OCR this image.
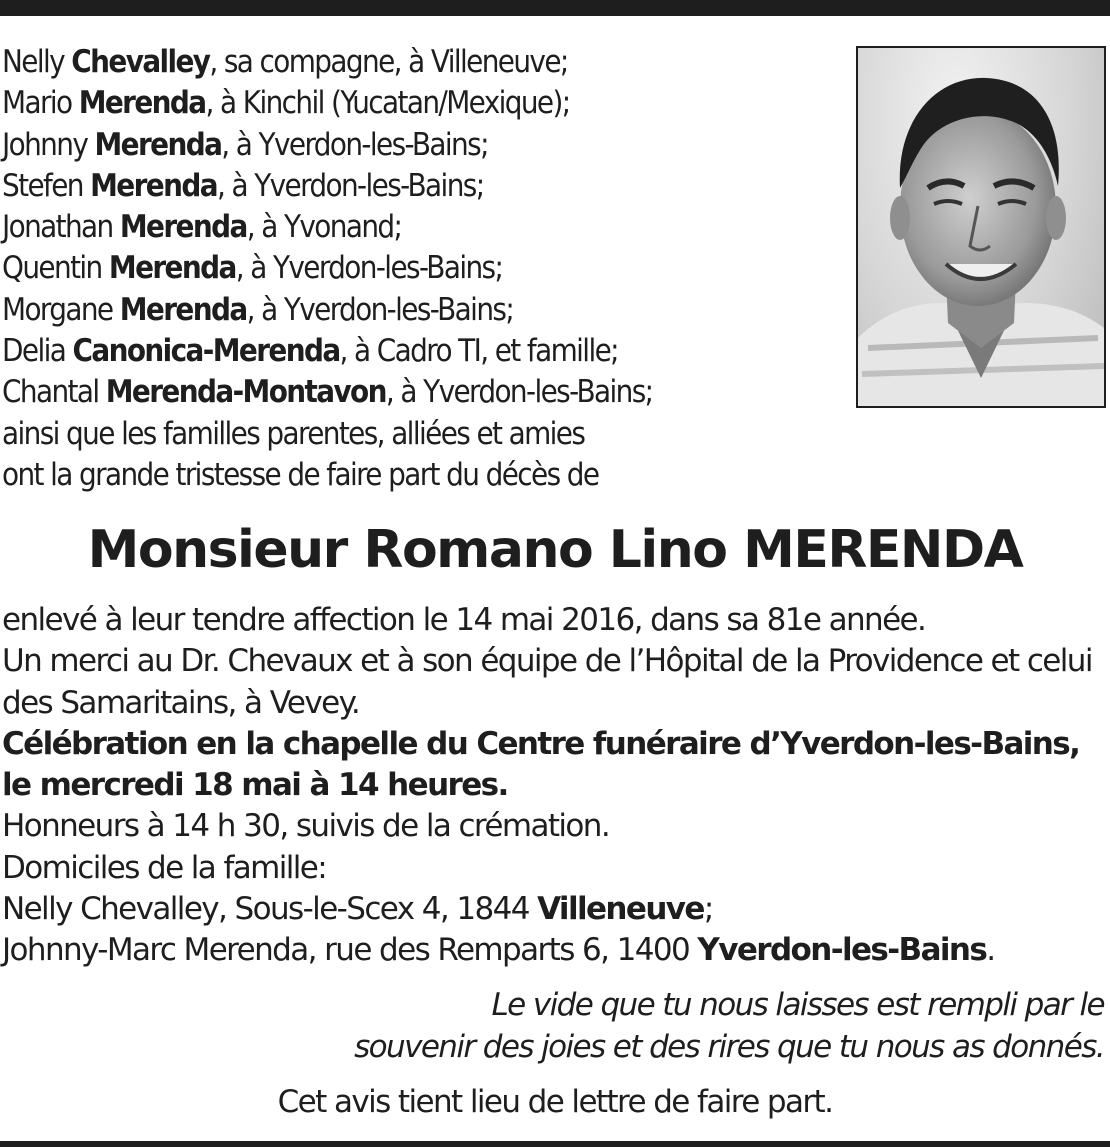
Nelly Chevalley, sa compagne, à Villeneuve;
Mario Merenda, à Kinchil (Yucatan/Mexique);
Johnny Merenda, à Yverdon-les-Bains;
Stefen Merenda, à Yverdon-les-Bains;
Jonathan Merenda, à Yvonand;
Quentin Merenda, à Yverdon-les-Bains;
Morgane Merenda, à Yverdon-les-Bains;
Delia Canonica-Merenda, à Cadro TI, et famille;
Chantal Merenda-Montavon, à Yverdon-les-Bains;
ainsi que les familles parentes, alliées et amies
ont la grande tristesse de faire part du décès de
Monsieur Romano Lino MERENDA

enlevé à leur tendre affection le 14 mai 2016, dans sa 81e année.

Un merci au Dr. Chevaux et à son équipe de l’Hôpital de la Providence et celui des Samaritains, à Vevey.

Célébration en la chapelle du Centre funéraire d’Yverdon-les-Bains,

le mercredi 18 mai à 14 heures.

Honneurs à 14 h 30, suivis de la crémation.

Domiciles de la famille:

Nelly Chevalley, Sous-le-Scex 4, 1844 Villeneuve;

Johnny-Marc Merenda, rue des Remparts 6, 1400 Yverdon-les-Bains.

Le vide que tu nous laisses est rempli par le

souvenir des joies et des rires que tu nous as donnés.

Cet avis tient lieu de lettre de faire part.
